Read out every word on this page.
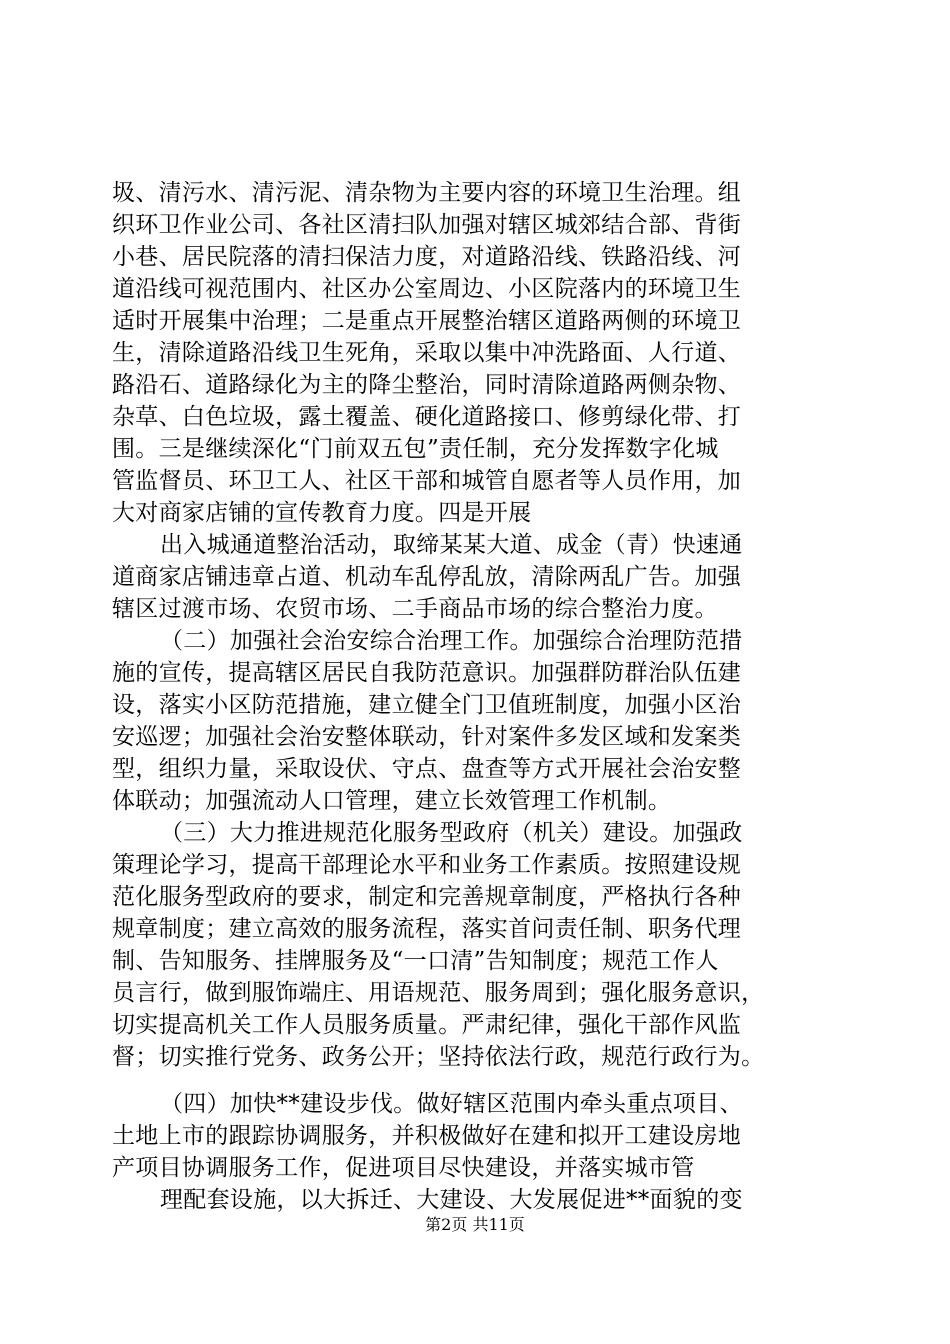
圾、清污水、清污泥、清杂物为主要内容的环境卫生治理。组
织环卫作业公司、各社区清扫队加强对辖区城郊结合部、背街
小巷、居民院落的清扫保洁力度，对道路沿线、铁路沿线、河
道沿线可视范围内、社区办公室周边、小区院落内的环境卫生
适时开展集中治理；二是重点开展整治辖区道路两侧的环境卫
生，清除道路沿线卫生死角，采取以集中冲洗路面、人行道、
路沿石、道路绿化为主的降尘整治，同时清除道路两侧杂物、
杂草、白色垃圾，露土覆盖、硬化道路接口、修剪绿化带、打
围。三是继续深化“门前双五包”责任制，充分发挥数字化城
管监督员、环卫工人、社区干部和城管自愿者等人员作用，加
大对商家店铺的宣传教育力度。四是开展
出入城通道整治活动，取缔某某大道、成金（青）快速通
道商家店铺违章占道、机动车乱停乱放，清除两乱广告。加强
辖区过渡市场、农贸市场、二手商品市场的综合整治力度。
（二）加强社会治安综合治理工作。加强综合治理防范措
施的宣传，提高辖区居民自我防范意识。加强群防群治队伍建
设，落实小区防范措施，建立健全门卫值班制度，加强小区治
安巡逻；加强社会治安整体联动，针对案件多发区域和发案类
型，组织力量，采取设伏、守点、盘查等方式开展社会治安整
体联动；加强流动人口管理，建立长效管理工作机制。
（三）大力推进规范化服务型政府（机关）建设。加强政
策理论学习，提高干部理论水平和业务工作素质。按照建设规
范化服务型政府的要求，制定和完善规章制度，严格执行各种
规章制度；建立高效的服务流程，落实首问责任制、职务代理
制、告知服务、挂牌服务及“一口清”告知制度；规范工作人
员言行，做到服饰端庄、用语规范、服务周到；强化服务意识，
切实提高机关工作人员服务质量。严肃纪律，强化干部作风监
督；切实推行党务、政务公开；坚持依法行政，规范行政行为。
（四）加快**建设步伐。做好辖区范围内牵头重点项目、
土地上市的跟踪协调服务，并积极做好在建和拟开工建设房地
产项目协调服务工作，促进项目尽快建设，并落实城市管
理配套设施，以大拆迁、大建设、大发展促进**面貌的变
第2页 共11页
